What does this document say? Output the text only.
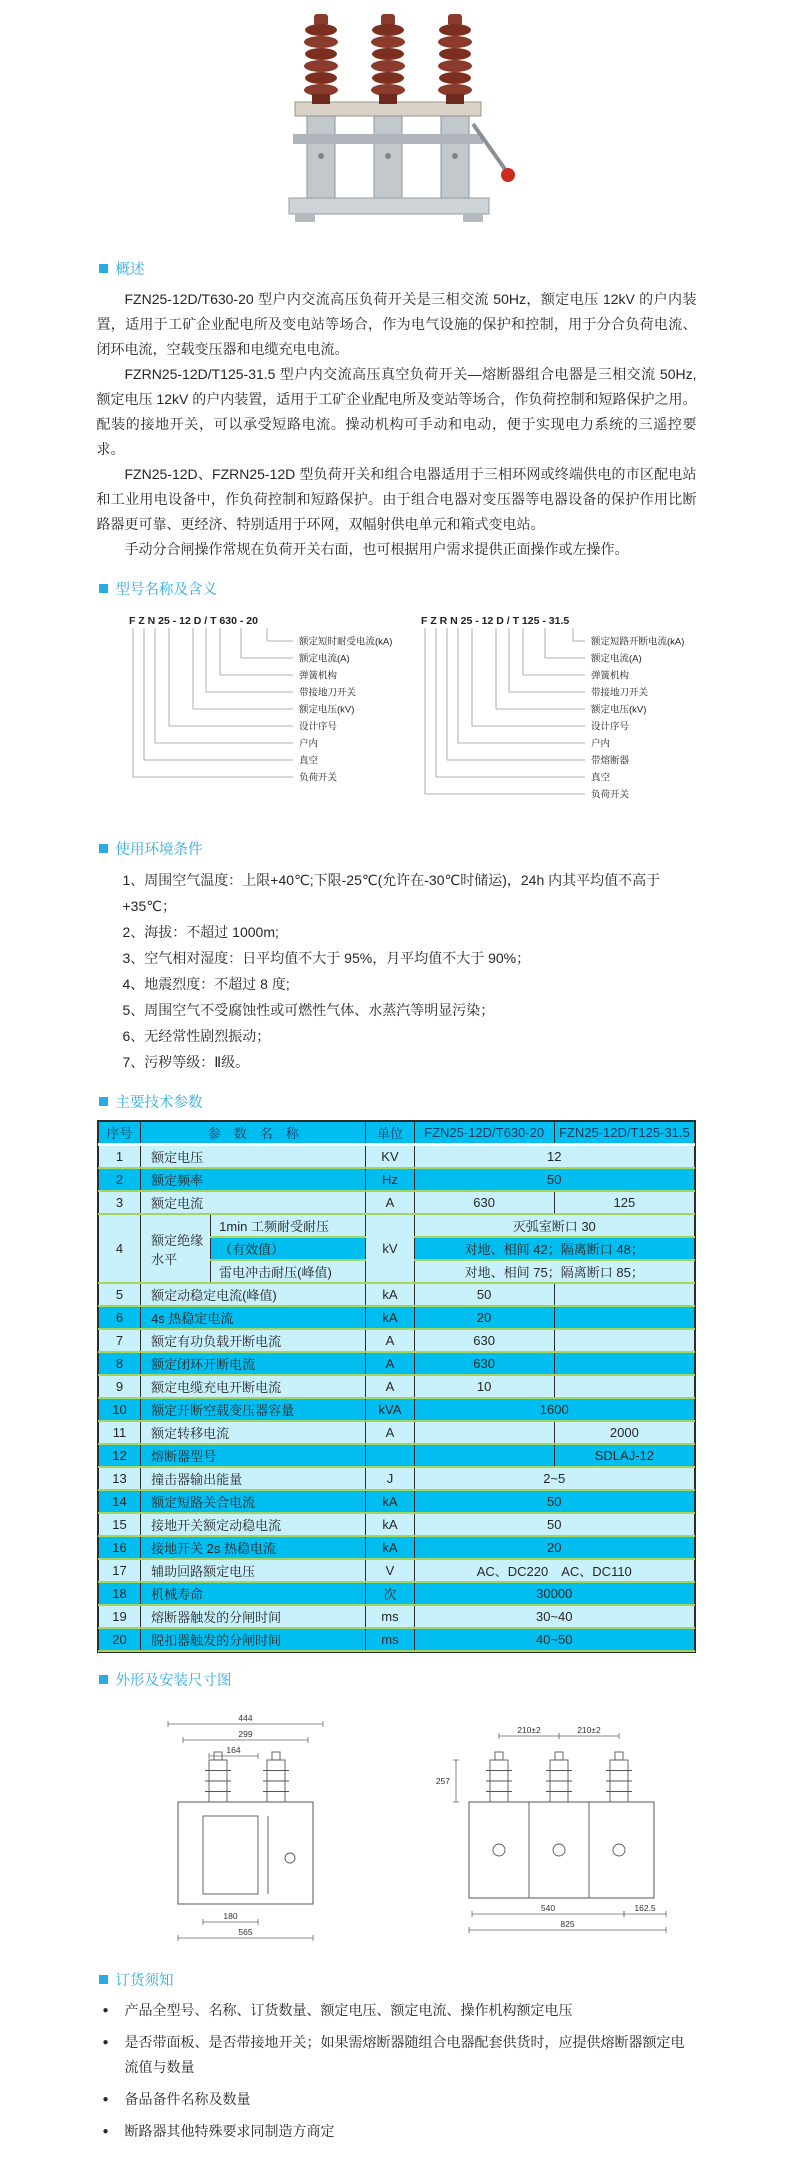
概述

FZN25-12D/T630-20 型户内交流高压负荷开关是三相交流 50Hz，额定电压 12kV 的户内装置，适用于工矿企业配电所及变电站等场合，作为电气设施的保护和控制，用于分合负荷电流、闭环电流，空载变压器和电缆充电电流。

FZRN25-12D/T125-31.5 型户内交流高压真空负荷开关—熔断器组合电器是三相交流 50Hz,额定电压 12kV 的户内装置，适用于工矿企业配电所及变站等场合，作负荷控制和短路保护之用。配装的接地开关，可以承受短路电流。操动机构可手动和电动，便于实现电力系统的三遥控要求。

FZN25-12D、FZRN25-12D 型负荷开关和组合电器适用于三相环网或终端供电的市区配电站和工业用电设备中，作负荷控制和短路保护。由于组合电器对变压器等电器设备的保护作用比断路器更可靠、更经济、特别适用于环网，双幅射供电单元和箱式变电站。

手动分合闸操作常规在负荷开关右面，也可根据用户需求提供正面操作或左操作。

型号名称及含义
F Z N 25 - 12 D / T 630 - 20
额定短时耐受电流(kA)
额定电流(A)
弹簧机构
带接地刀开关
额定电压(kV)
设计序号
户内
真空
负荷开关
F Z R N 25 - 12 D / T 125 - 31.5
额定短路开断电流(kA)
额定电流(A)
弹簧机构
带接地刀开关
额定电压(kV)
设计序号
户内
带熔断器
真空
负荷开关
使用环境条件
1、周围空气温度：上限+40℃;下限-25℃(允许在-30℃时储运)，24h 内其平均值不高于+35℃；
2、海拔：不超过 1000m;
3、空气相对湿度：日平均值不大于 95%，月平均值不大于 90%；
4、地震烈度：不超过 8 度;
5、周围空气不受腐蚀性或可燃性气体、水蒸汽等明显污染；
6、无经常性剧烈振动；
7、污秽等级：Ⅱ级。
主要技术参数
序号	参　数　名　称		单位	FZN25-12D/T630-20	FZN25-12D/T125-31.5
1	额定电压		KV	12	
2	额定频率		Hz	50	
3	额定电流		A	630	125
4	额定绝缘水平	1min 工频耐受耐压	kV	灭弧室断口 30	
		（有效值）		对地、相间 42；隔离断口 48；	
		雷电冲击耐压(峰值)		对地、相间 75；隔离断口 85；	
5	额定动稳定电流(峰值)		kA	50	
6	4s 热稳定电流		kA	20	
7	额定有功负载开断电流		A	630	
8	额定闭环开断电流		A	630	
9	额定电缆充电开断电流		A	10	
10	额定开断空载变压器容量		kVA	1600	
11	额定转移电流		A		2000
12	熔断器型号				SDLAJ-12
13	撞击器输出能量		J	2~5	
14	额定短路关合电流		kA	50	
15	接地开关额定动稳电流		kA	50	
16	接地开关 2s 热稳电流		kA	20	
17	辅助回路额定电压		V	AC、DC220　AC、DC110	
18	机械寿命		次	30000	
19	熔断器触发的分闸时间		ms	30~40	
20	脱扣器触发的分闸时间		ms	40~50	
外形及安装尺寸图
444
299
164
180
565
210±2	210±2
257
540	162.5
825
订货须知
● 产品全型号、名称、订货数量、额定电压、额定电流、操作机构额定电压
● 是否带面板、是否带接地开关；如果需熔断器随组合电器配套供货时，应提供熔断器额定电流值与数量
● 备品备件名称及数量
● 断路器其他特殊要求同制造方商定
